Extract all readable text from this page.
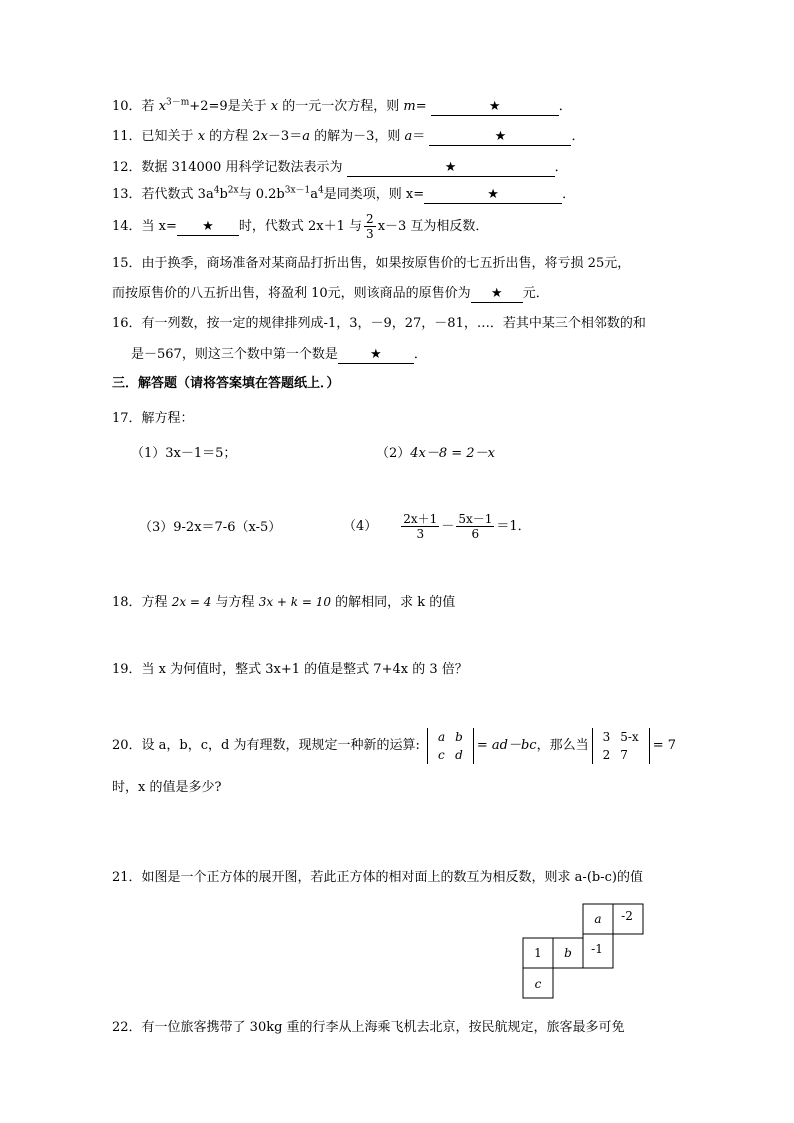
10．若 $x^{3-m}+2=9$是关于 x 的一元一次方程，则 m=	★	．
11．已知关于 x 的方程 2x－3＝a 的解为－3，则 a＝	★	．
12．数据 314000 用科学记数法表示为	★	．
13．若代数式 $3a^4b^{2x}$与 $0.2b^{3x-1}a^4$是同类项，则 x=	★	．
14．当 x= ★ 时，代数式 2x＋1 与 $\frac{2}{3} x-3$ 互为相反数．
15．由于换季，商场准备对某商品打折出售，如果按原售价的七五折出售，将亏损 25元，
而按原售价的八五折出售，将盈利 10元，则该商品的原售价为 ★ 元．
16．有一列数，按一定的规律排列成-1，3，－9，27，－81，…．若其中某三个相邻数的和
是－567，则这三个数中第一个数是 ★ ．
三．解答题（请将答案填在答题纸上．）
17．解方程：
（1）3x－1＝5；	（2）4x－8 = 2－x
（3）9-2x＝7-6（x-5）	$(4) \frac{2x+1}{3} - \frac{5x-1}{6} =1$．
18．方程 2x = 4 与方程 3x + k = 10 的解相同，求 k 的值
19．当 x 为何值时，整式 3x+1 的值是整式 7+4x 的 3 倍？
20．设 a，b，c，d 为有理数，现规定一种新的运算:
a	b
c	d
= ad－bc，那么当
3	5-x
2	7
= 7
时，x 的值是多少?
21．如图是一个正方体的展开图，若此正方体的相对面上的数互为相反数，则求 a-(b-c)的值
a -2
1 b -1
c
22．有一位旅客携带了 30kg 重的行李从上海乘飞机去北京，按民航规定，旅客最多可免
